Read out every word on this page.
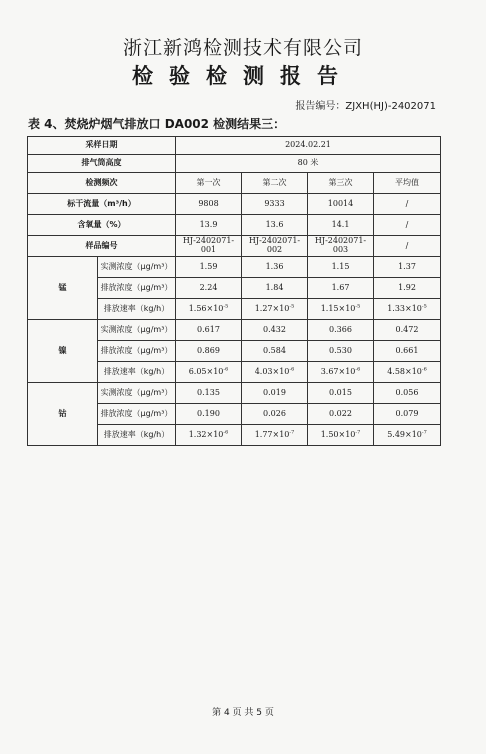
浙江新鸿检测技术有限公司
检验检测报告
报告编号：ZJXH(HJ)-2402071
表 4、焚烧炉烟气排放口 DA002 检测结果三：
采样日期		2024.02.21			
排气筒高度		80 米			
检测频次		第一次	第二次	第三次	平均值
标干流量（m³/h）		9808	9333	10014	/
含氧量（%）		13.9	13.6	14.1	/
样品编号		HJ-2402071-001	HJ-2402071-002	HJ-2402071-003	/
锰	实测浓度（μg/m³）	1.59	1.36	1.15	1.37
	排放浓度（μg/m³）	2.24	1.84	1.67	1.92
	排放速率（kg/h）	$1.56\times 10^{-5}$	$1.27\times 10^{-5}$	$1.15\times 10^{-5}$	$1.33\times 10^{-5}$
镍	实测浓度（μg/m³）	0.617	0.432	0.366	0.472
	排放浓度（μg/m³）	0.869	0.584	0.530	0.661
	排放速率（kg/h）	$6.05\times 10^{-6}$	$4.03\times 10^{-6}$	$3.67\times 10^{-6}$	$4.58\times 10^{-6}$
钴	实测浓度（μg/m³）	0.135	0.019	0.015	0.056
	排放浓度（μg/m³）	0.190	0.026	0.022	0.079
	排放速率（kg/h）	$1.32\times 10^{-6}$	$1.77\times 10^{-7}$	$1.50\times 10^{-7}$	$5.49\times 10^{-7}$
第 4 页 共 5 页
